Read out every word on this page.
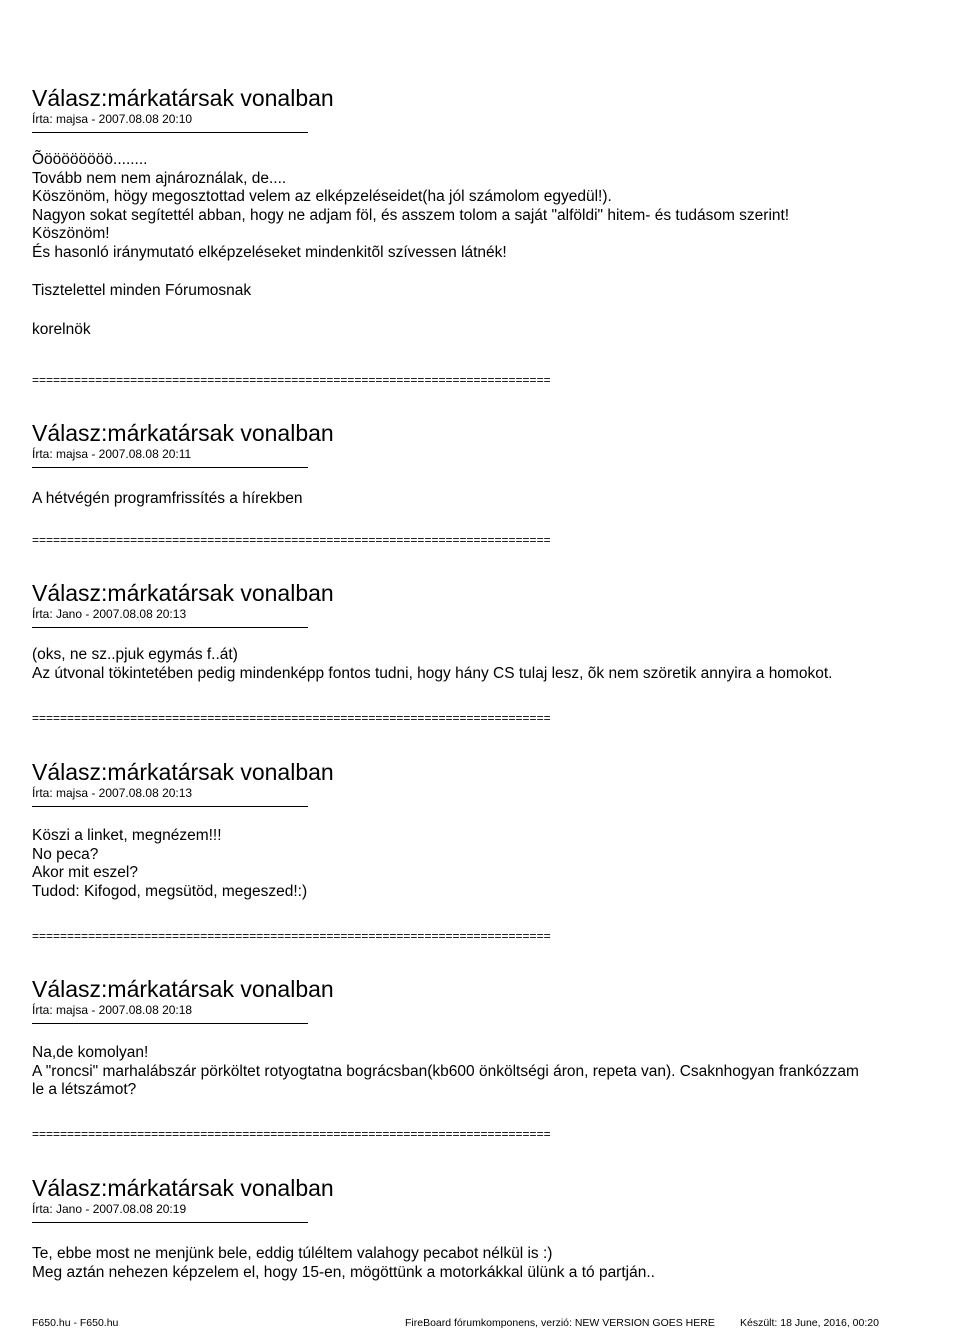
Válasz:márkatársak vonalban
Írta: majsa - 2007.08.08 20:10
Õöööööööö........
Tovább nem nem ajnároználak, de....
Köszönöm, högy megosztottad velem az elképzeléseidet(ha jól számolom egyedül!).
Nagyon sokat segítettél abban, hogy ne adjam föl, és asszem tolom a saját "alföldi" hitem- és tudásom szerint!
Köszönöm!
És hasonló iránymutató elképzeléseket mindenkitõl szívessen látnék!
Tisztelettel minden Fórumosnak
korelnök
==========================================================================
Válasz:márkatársak vonalban
Írta: majsa - 2007.08.08 20:11
A hétvégén programfrissítés a hírekben
==========================================================================
Válasz:márkatársak vonalban
Írta: Jano - 2007.08.08 20:13
(oks, ne sz..pjuk egymás f..át)
Az útvonal tökintetében pedig mindenképp fontos tudni, hogy hány CS tulaj lesz, õk nem szöretik annyira a homokot.
==========================================================================
Válasz:márkatársak vonalban
Írta: majsa - 2007.08.08 20:13
Köszi a linket, megnézem!!!
No peca?
Akor mit eszel?
Tudod: Kifogod, megsütöd, megeszed!:)
==========================================================================
Válasz:márkatársak vonalban
Írta: majsa - 2007.08.08 20:18
Na,de komolyan!
A "roncsi" marhalábszár pörköltet rotyogtatna bográcsban(kb600 önköltségi áron, repeta van). Csaknhogyan frankózzam
le a létszámot?
==========================================================================
Válasz:márkatársak vonalban
Írta: Jano - 2007.08.08 20:19
Te, ebbe most ne menjünk bele, eddig túléltem valahogy pecabot nélkül is :)
Meg aztán nehezen képzelem el, hogy 15-en, mögöttünk a motorkákkal ülünk a tó partján..
F650.hu - F650.hu	FireBoard fórumkomponens, verzió: NEW VERSION GOES HERE Készült: 18 June, 2016, 00:20
